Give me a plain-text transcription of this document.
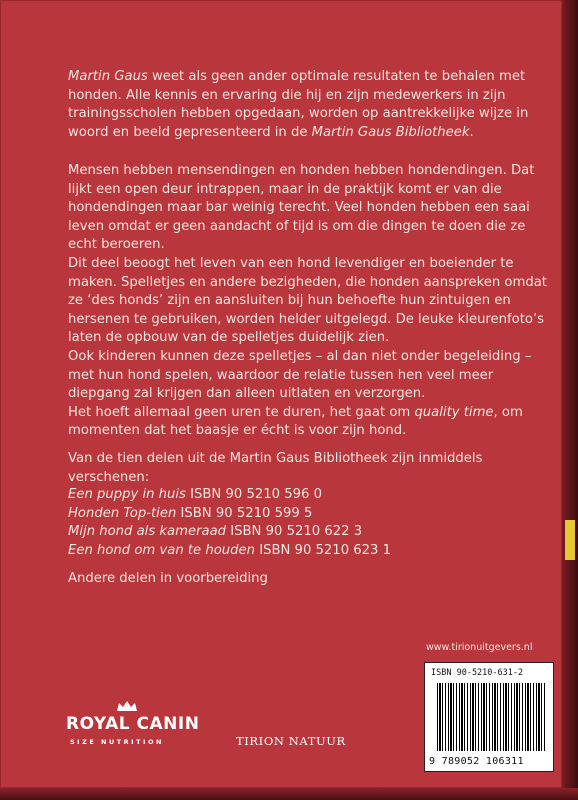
Martin Gaus weet als geen ander optimale resultaten te behalen met honden. Alle kennis en ervaring die hij en zijn medewerkers in zijn trainingsscholen hebben opgedaan, worden op aantrekkelijke wijze in woord en beeld gepresenteerd in de Martin Gaus Bibliotheek.

Mensen hebben mensendingen en honden hebben hondendingen. Dat lijkt een open deur intrappen, maar in de praktijk komt er van die hondendingen maar bar weinig terecht. Veel honden hebben een saai leven omdat er geen aandacht of tijd is om die dingen te doen die ze echt beroeren.

Dit deel beoogt het leven van een hond levendiger en boeiender te maken. Spelletjes en andere bezigheden, die honden aanspreken omdat ze ‘des honds’ zijn en aansluiten bij hun behoefte hun zintuigen en hersenen te gebruiken, worden helder uitgelegd. De leuke kleurenfoto’s laten de opbouw van de spelletjes duidelijk zien.

Ook kinderen kunnen deze spelletjes – al dan niet onder begeleiding – met hun hond spelen, waardoor de relatie tussen hen veel meer diepgang zal krijgen dan alleen uitlaten en verzorgen.

Het hoeft allemaal geen uren te duren, het gaat om quality time, om momenten dat het baasje er écht is voor zijn hond.

Van de tien delen uit de Martin Gaus Bibliotheek zijn inmiddels verschenen:
Een puppy in huis ISBN 90 5210 596 0
Honden Top-tien ISBN 90 5210 599 5
Mijn hond als kameraad ISBN 90 5210 622 3
Een hond om van te houden ISBN 90 5210 623 1
Andere delen in voorbereiding
www.tirionuitgevers.nl
ISBN 90-5210-631-2
9 789052 106311
ROYAL CANIN
SIZE NUTRITION	TIRION NATUUR
